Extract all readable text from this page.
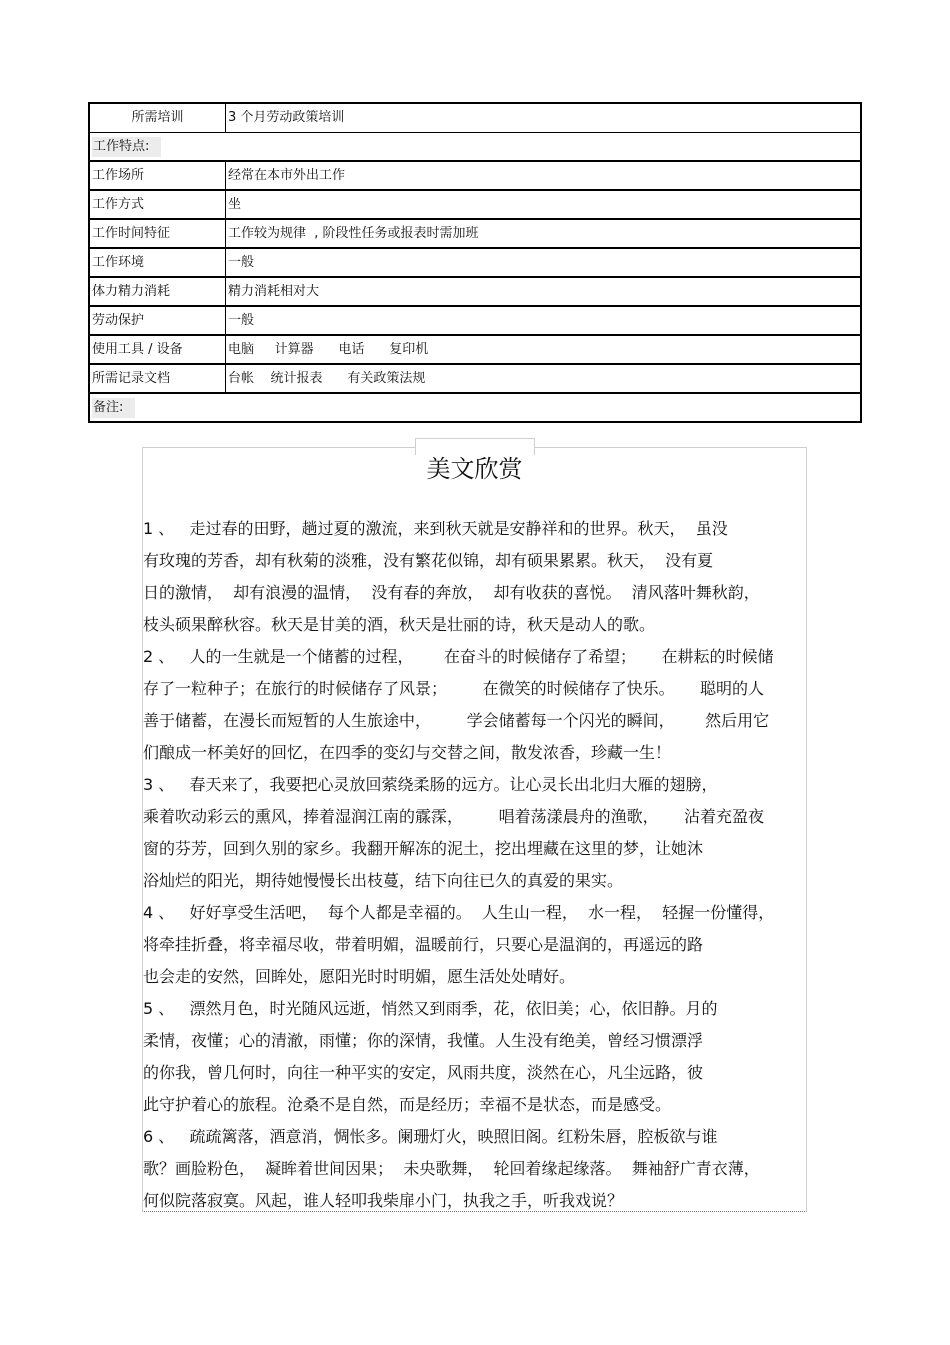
所需培训	3 个月劳动政策培训
工作特点:
工作场所	经常在本市外出工作
工作方式	坐
工作时间特征	工作较为规律  , 阶段性任务或报表时需加班
工作环境	一般
体力精力消耗	精力消耗相对大
劳动保护	一般
使用工具 / 设备	电脑     计算器      电话      复印机
所需记录文档	台帐    统计报表      有关政策法规
备注:
美文欣赏
1 、   走过春的田野，趟过夏的激流，来到秋天就是安静祥和的世界。秋天，  虽没
有玫瑰的芳香，却有秋菊的淡雅，没有繁花似锦，却有硕果累累。秋天，  没有夏
日的激情，  却有浪漫的温情，  没有春的奔放，  却有收获的喜悦。  清风落叶舞秋韵，
枝头硕果醉秋容。秋天是甘美的酒，秋天是壮丽的诗，秋天是动人的歌。
2 、   人的一生就是一个储蓄的过程，      在奋斗的时候储存了希望；     在耕耘的时候储
存了一粒种子；在旅行的时候储存了风景；       在微笑的时候储存了快乐。     聪明的人
善于储蓄，在漫长而短暂的人生旅途中，       学会储蓄每一个闪光的瞬间，      然后用它
们酿成一杯美好的回忆，在四季的变幻与交替之间，散发浓香，珍藏一生！
3 、   春天来了，我要把心灵放回萦绕柔肠的远方。让心灵长出北归大雁的翅膀，
乘着吹动彩云的熏风，捧着湿润江南的霡霂，       唱着荡漾晨舟的渔歌，     沾着充盈夜
窗的芬芳，回到久别的家乡。我翻开解冻的泥土，挖出埋藏在这里的梦，让她沐
浴灿烂的阳光，期待她慢慢长出枝蔓，结下向往已久的真爱的果实。
4 、   好好享受生活吧，  每个人都是幸福的。  人生山一程，  水一程，  轻握一份懂得，
将牵挂折叠，将幸福尽收，带着明媚，温暖前行，只要心是温润的，再遥远的路
也会走的安然，回眸处，愿阳光时时明媚，愿生活处处晴好。
5 、   漂然月色，时光随风远逝，悄然又到雨季，花，依旧美；心，依旧静。月的
柔情，夜懂；心的清澈，雨懂；你的深情，我懂。人生没有绝美，曾经习惯漂浮
的你我，曾几何时，向往一种平实的安定，风雨共度，淡然在心，凡尘远路，彼
此守护着心的旅程。沧桑不是自然，而是经历；幸福不是状态，而是感受。
6 、   疏疏篱落，酒意消，惆怅多。阑珊灯火，映照旧阁。红粉朱唇，腔板欲与谁
歌？画脸粉色，  凝眸着世间因果；  未央歌舞，  轮回着缘起缘落。  舞袖舒广青衣薄，
何似院落寂寞。风起，谁人轻叩我柴扉小门，执我之手，听我戏说？
